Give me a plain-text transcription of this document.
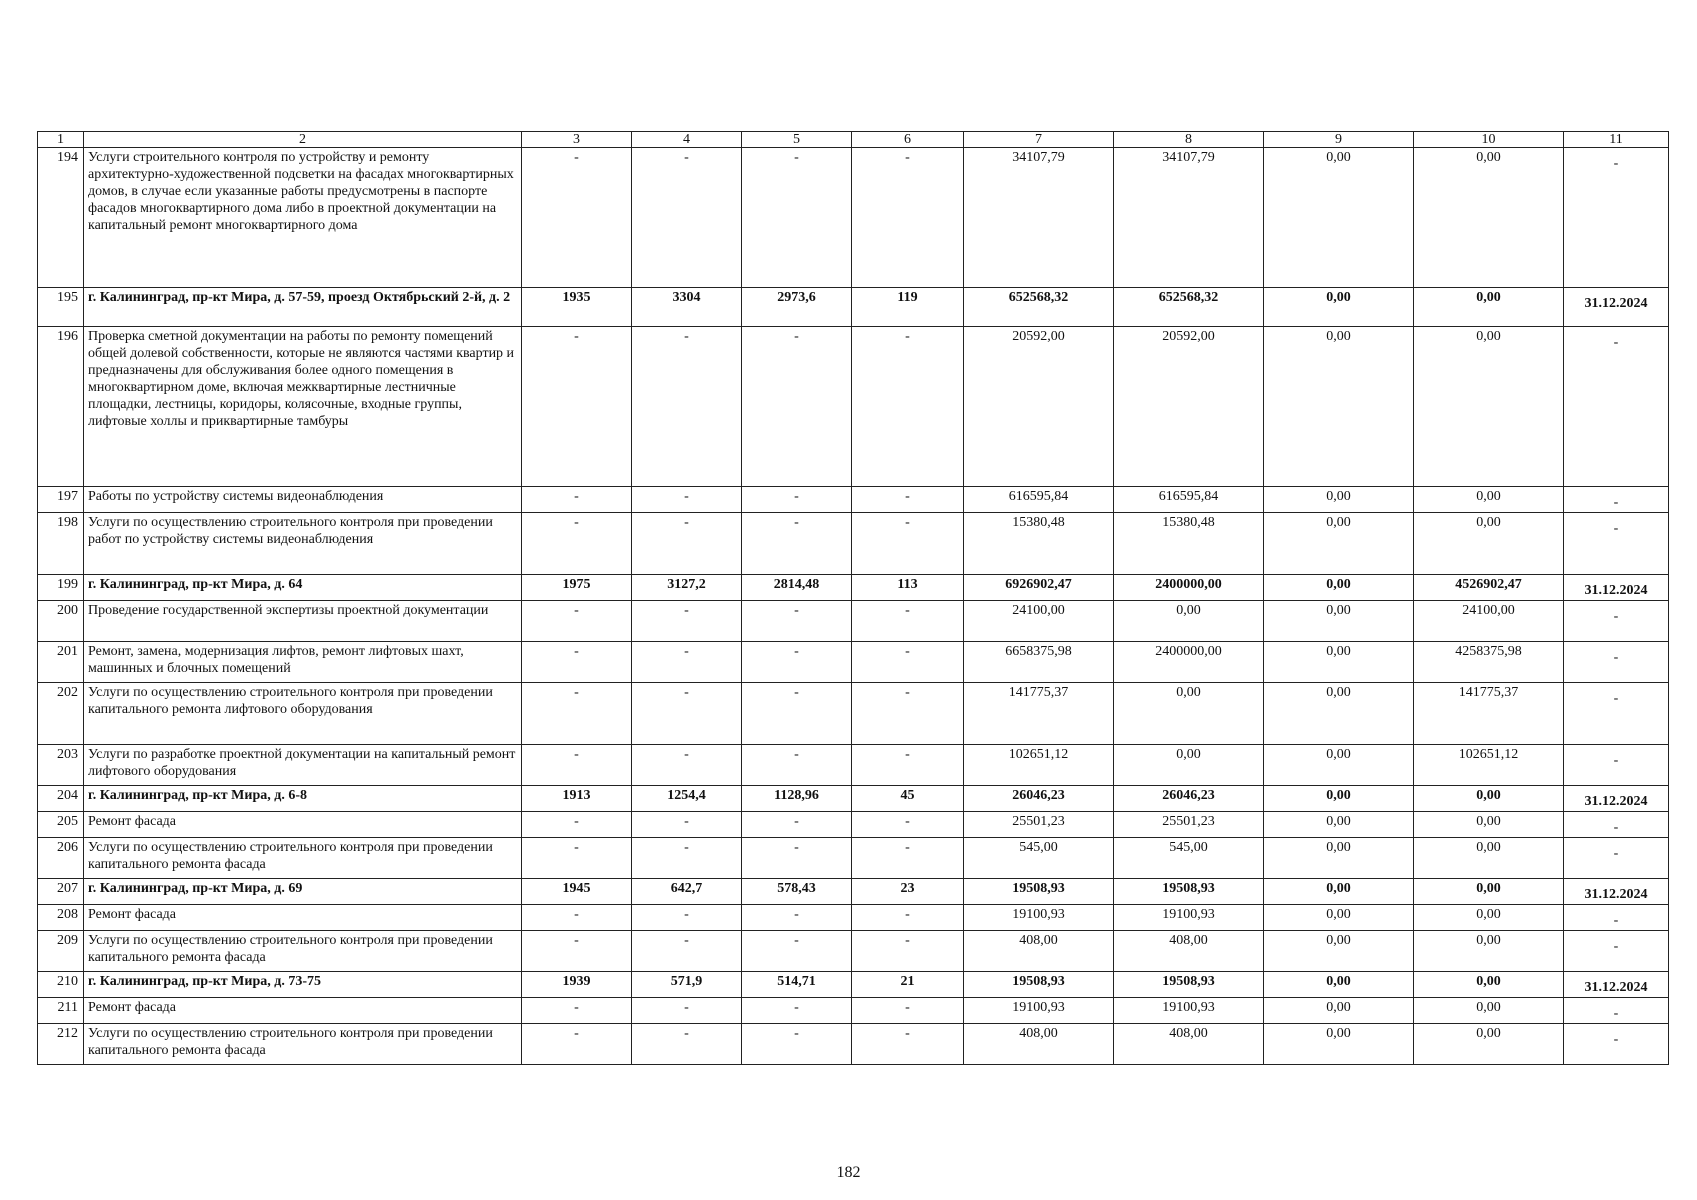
1	2	3	4	5	6	7	8	9	10	11
194	Услуги строительного контроля по устройству и ремонту архитектурно-художественной подсветки на фасадах многоквартирных домов, в случае если указанные работы предусмотрены в паспорте фасадов многоквартирного дома либо в проектной документации на капитальный ремонт многоквартирного дома	-	-	-	-	34107,79	34107,79	0,00	0,00	-
195	г. Калининград, пр-кт Мира, д. 57-59, проезд Октябрьский 2-й, д. 2	1935	3304	2973,6	119	652568,32	652568,32	0,00	0,00	31.12.2024
196	Проверка сметной документации на работы по ремонту помещений общей долевой собственности, которые не являются частями квартир и предназначены для обслуживания более одного помещения в многоквартирном доме, включая межквартирные лестничные площадки, лестницы, коридоры, колясочные, входные группы, лифтовые холлы и приквартирные тамбуры	-	-	-	-	20592,00	20592,00	0,00	0,00	-
197	Работы по устройству системы видеонаблюдения	-	-	-	-	616595,84	616595,84	0,00	0,00	-
198	Услуги по осуществлению строительного контроля при проведении работ по устройству системы видеонаблюдения	-	-	-	-	15380,48	15380,48	0,00	0,00	-
199	г. Калининград, пр-кт Мира, д. 64	1975	3127,2	2814,48	113	6926902,47	2400000,00	0,00	4526902,47	31.12.2024
200	Проведение государственной экспертизы проектной документации	-	-	-	-	24100,00	0,00	0,00	24100,00	-
201	Ремонт, замена, модернизация лифтов, ремонт лифтовых шахт, машинных и блочных помещений	-	-	-	-	6658375,98	2400000,00	0,00	4258375,98	-
202	Услуги по осуществлению строительного контроля при проведении капитального ремонта лифтового оборудования	-	-	-	-	141775,37	0,00	0,00	141775,37	-
203	Услуги по разработке проектной документации на капитальный ремонт лифтового оборудования	-	-	-	-	102651,12	0,00	0,00	102651,12	-
204	г. Калининград, пр-кт Мира, д. 6-8	1913	1254,4	1128,96	45	26046,23	26046,23	0,00	0,00	31.12.2024
205	Ремонт фасада	-	-	-	-	25501,23	25501,23	0,00	0,00	-
206	Услуги по осуществлению строительного контроля при проведении капитального ремонта фасада	-	-	-	-	545,00	545,00	0,00	0,00	-
207	г. Калининград, пр-кт Мира, д. 69	1945	642,7	578,43	23	19508,93	19508,93	0,00	0,00	31.12.2024
208	Ремонт фасада	-	-	-	-	19100,93	19100,93	0,00	0,00	-
209	Услуги по осуществлению строительного контроля при проведении капитального ремонта фасада	-	-	-	-	408,00	408,00	0,00	0,00	-
210	г. Калининград, пр-кт Мира, д. 73-75	1939	571,9	514,71	21	19508,93	19508,93	0,00	0,00	31.12.2024
211	Ремонт фасада	-	-	-	-	19100,93	19100,93	0,00	0,00	-
212	Услуги по осуществлению строительного контроля при проведении капитального ремонта фасада	-	-	-	-	408,00	408,00	0,00	0,00	-
182
